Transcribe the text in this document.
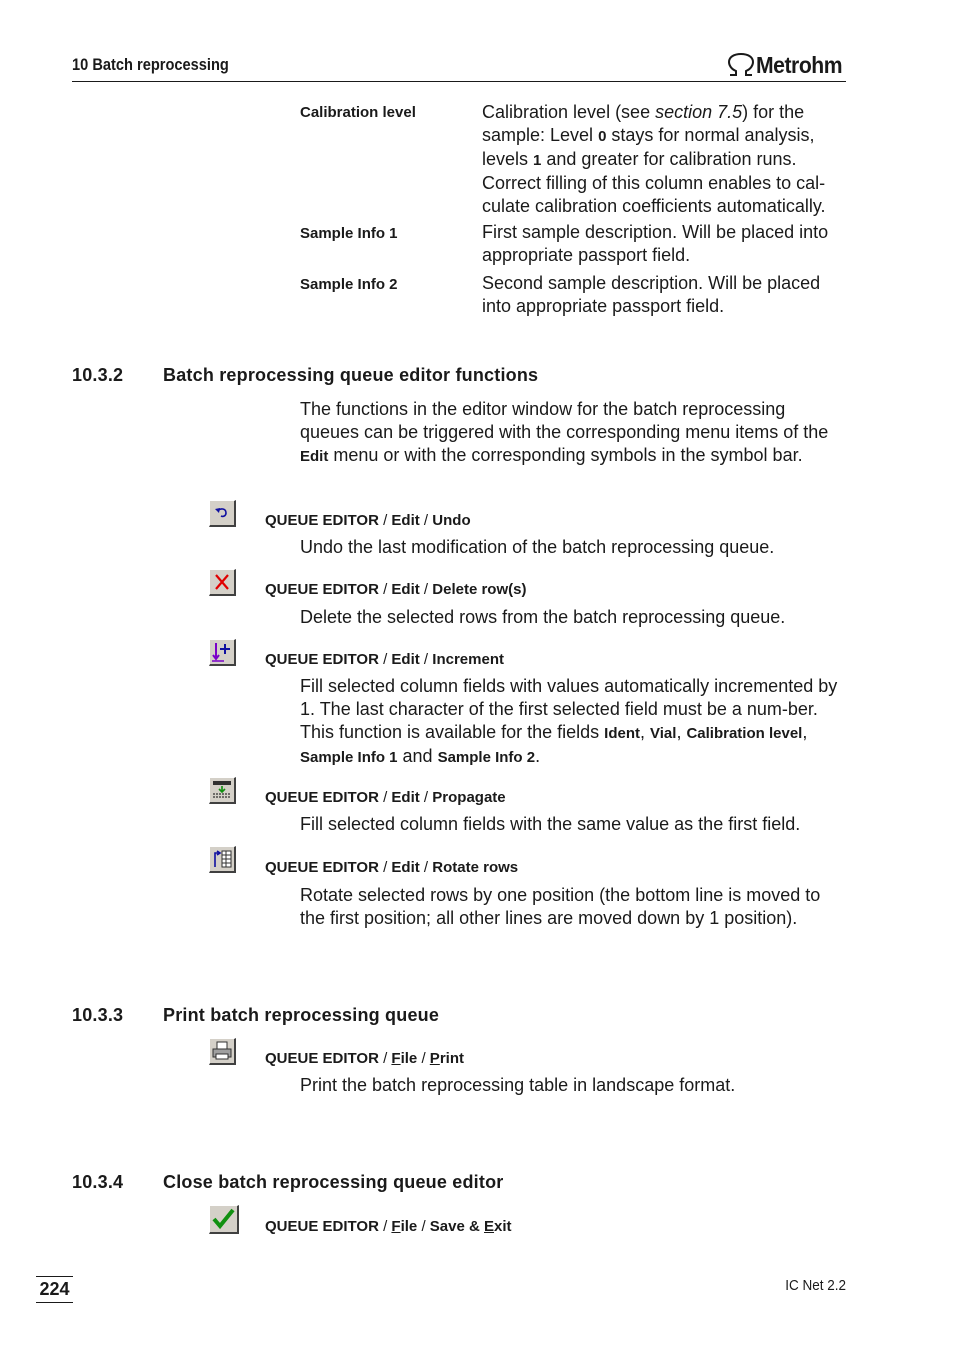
10 Batch reprocessing	Metrohm
Calibration level	Calibration level (see section 7.5) for the sample: Level 0 stays for normal analysis, levels 1 and greater for calibration runs. Correct filling of this column enables to cal-culate calibration coefficients automatically.
Sample Info 1	First sample description. Will be placed into appropriate passport field.
Sample Info 2	Second sample description. Will be placed into appropriate passport field.
10.3.2 Batch reprocessing queue editor functions
The functions in the editor window for the batch reprocessing queues can be triggered with the corresponding menu items of the Edit menu or with the corresponding symbols in the symbol bar.
QUEUE EDITOR / Edit / Undo
Undo the last modification of the batch reprocessing queue.
QUEUE EDITOR / Edit / Delete row(s)
Delete the selected rows from the batch reprocessing queue.
QUEUE EDITOR / Edit / Increment
Fill selected column fields with values automatically incremented by 1. The last character of the first selected field must be a num-ber. This function is available for the fields Ident, Vial, Calibration level, Sample Info 1 and Sample Info 2.
QUEUE EDITOR / Edit / Propagate
Fill selected column fields with the same value as the first field.
QUEUE EDITOR / Edit / Rotate rows
Rotate selected rows by one position (the bottom line is moved to the first position; all other lines are moved down by 1 position).
10.3.3 Print batch reprocessing queue
QUEUE EDITOR / File / Print
Print the batch reprocessing table in landscape format.
10.3.4 Close batch reprocessing queue editor
QUEUE EDITOR / File / Save & Exit
224	IC Net 2.2
